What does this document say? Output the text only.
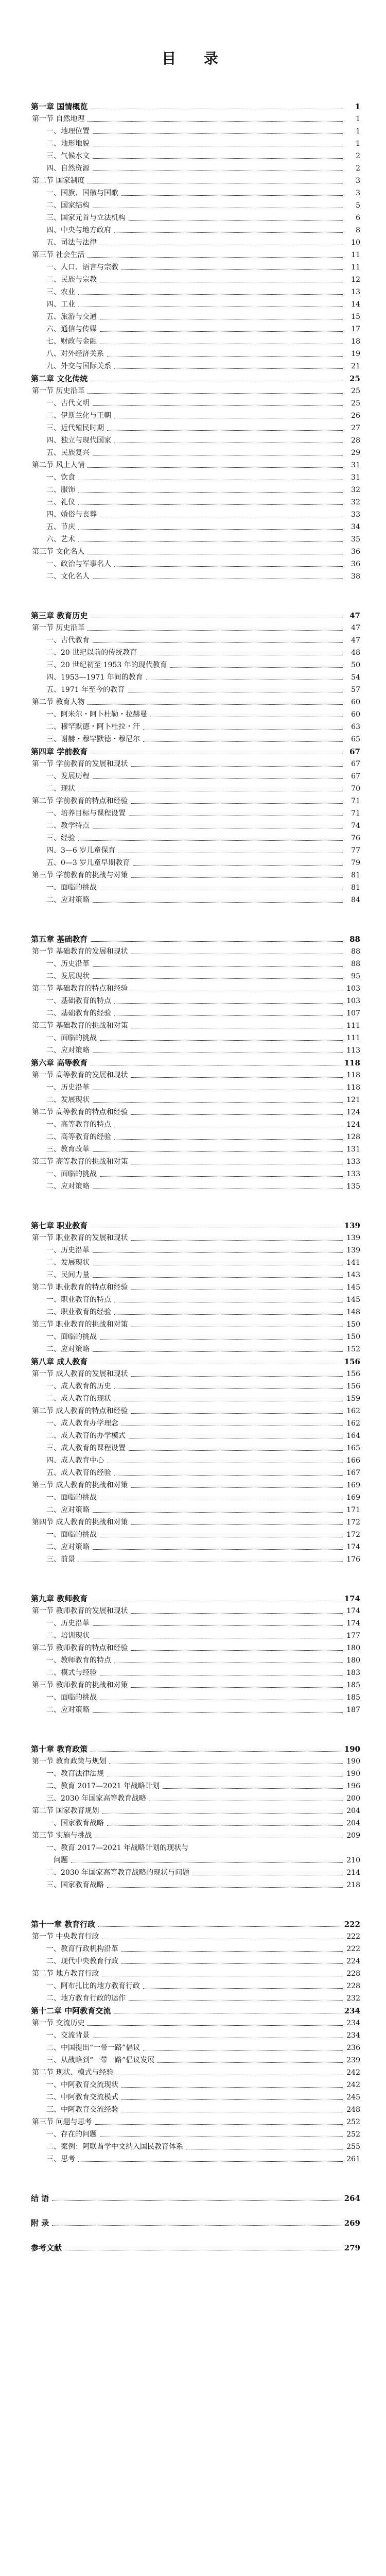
目 录
第一章 国情概览	1
第一节 自然地理	1
一、地理位置	1
二、地形地貌	1
三、气候水文	2
四、自然资源	2
第二节 国家制度	3
一、国旗、国徽与国歌	3
二、国家结构	5
三、国家元首与立法机构	6
四、中央与地方政府	8
五、司法与法律	10
第三节 社会生活	11
一、人口、语言与宗教	11
二、民族与宗教	12
三、农业	13
四、工业	14
五、旅游与交通	15
六、通信与传媒	17
七、财政与金融	18
八、对外经济关系	19
九、外交与国际关系	21
第二章 文化传统	25
第一节 历史沿革	25
一、古代文明	25
二、伊斯兰化与王朝	26
三、近代殖民时期	27
四、独立与现代国家	28
五、民族复兴	29
第二节 风土人情	31
一、饮食	31
二、服饰	32
三、礼仪	32
四、婚俗与丧葬	33
五、节庆	34
六、艺术	35
第三节 文化名人	36
一、政治与军事名人	36
二、文化名人	38
第三章 教育历史	47
第一节 历史沿革	47
一、古代教育	47
二、20 世纪以前的传统教育	48
三、20 世纪初至 1953 年的现代教育	50
四、1953—1971 年间的教育	54
五、1971 年至今的教育	57
第二节 教育人物	60
一、阿米尔・阿卜杜勒・拉赫曼	60
二、穆罕默德・阿卜杜拉・汗	63
三、谢赫・穆罕默德・穆尼尔	65
第四章 学前教育	67
第一节 学前教育的发展和现状	67
一、发展历程	67
二、现状	70
第二节 学前教育的特点和经验	71
一、培养目标与课程设置	71
二、教学特点	74
三、经验	76
四、3—6 岁儿童保育	77
五、0—3 岁儿童早期教育	79
第三节 学前教育的挑战与对策	81
一、面临的挑战	81
二、应对策略	84
第五章 基础教育	88
第一节 基础教育的发展和现状	88
一、历史沿革	88
二、发展现状	95
第二节 基础教育的特点和经验	103
一、基础教育的特点	103
二、基础教育的经验	107
第三节 基础教育的挑战和对策	111
一、面临的挑战	111
二、应对策略	113
第六章 高等教育	118
第一节 高等教育的发展和现状	118
一、历史沿革	118
二、发展现状	121
第二节 高等教育的特点和经验	124
一、高等教育的特点	124
二、高等教育的经验	128
三、教育改革	131
第三节 高等教育的挑战和对策	133
一、面临的挑战	133
二、应对策略	135
第七章 职业教育	139
第一节 职业教育的发展和现状	139
一、历史沿革	139
二、发展现状	141
三、民间力量	143
第二节 职业教育的特点和经验	145
一、职业教育的特点	145
二、职业教育的经验	148
第三节 职业教育的挑战和对策	150
一、面临的挑战	150
二、应对策略	152
第八章 成人教育	156
第一节 成人教育的发展和现状	156
一、成人教育的历史	156
二、成人教育的现状	159
第二节 成人教育的特点和经验	162
一、成人教育办学理念	162
二、成人教育的办学模式	164
三、成人教育的课程设置	165
四、成人教育中心	166
五、成人教育的经验	167
第三节 成人教育的挑战和对策	169
一、面临的挑战	169
二、应对策略	171
第四节 成人教育的挑战和对策	172
一、面临的挑战	172
二、应对策略	174
三、前景	176
第九章 教师教育	174
第一节 教师教育的发展和现状	174
一、历史沿革	174
二、培训现状	177
第二节 教师教育的特点和经验	180
一、教师教育的特点	180
二、模式与经验	183
第三节 教师教育的挑战和对策	185
一、面临的挑战	185
二、应对策略	187
第十章 教育政策	190
第一节 教育政策与规划	190
一、教育法律法规	190
二、教育 2017—2021 年战略计划	196
三、2030 年国家高等教育战略	200
第二节 国家教育规划	204
一、国家教育战略	204
第三节 实施与挑战	209
一、教育 2017—2021 年战略计划的现状与
问题	210
二、2030 年国家高等教育战略的现状与问题	214
三、国家教育战略	218
第十一章 教育行政	222
第一节 中央教育行政	222
一、教育行政机构沿革	222
二、现代中央教育行政	224
第二节 地方教育行政	228
一、阿布扎比的地方教育行政	228
二、地方教育行政的运作	232
第十二章 中阿教育交流	234
第一节 交流历史	234
一、交流背景	234
二、中国提出“一带一路”倡议	236
三、从战略到“一带一路”倡议发展	239
第二节 现状、模式与经验	242
一、中阿教育交流现状	242
二、中阿教育交流模式	245
三、中阿教育交流经验	248
第三节 问题与思考	252
一、存在的问题	252
二、案例：阿联酋学中文纳入国民教育体系	255
三、思考	261
结 语	264
附 录	269
参考文献	279
